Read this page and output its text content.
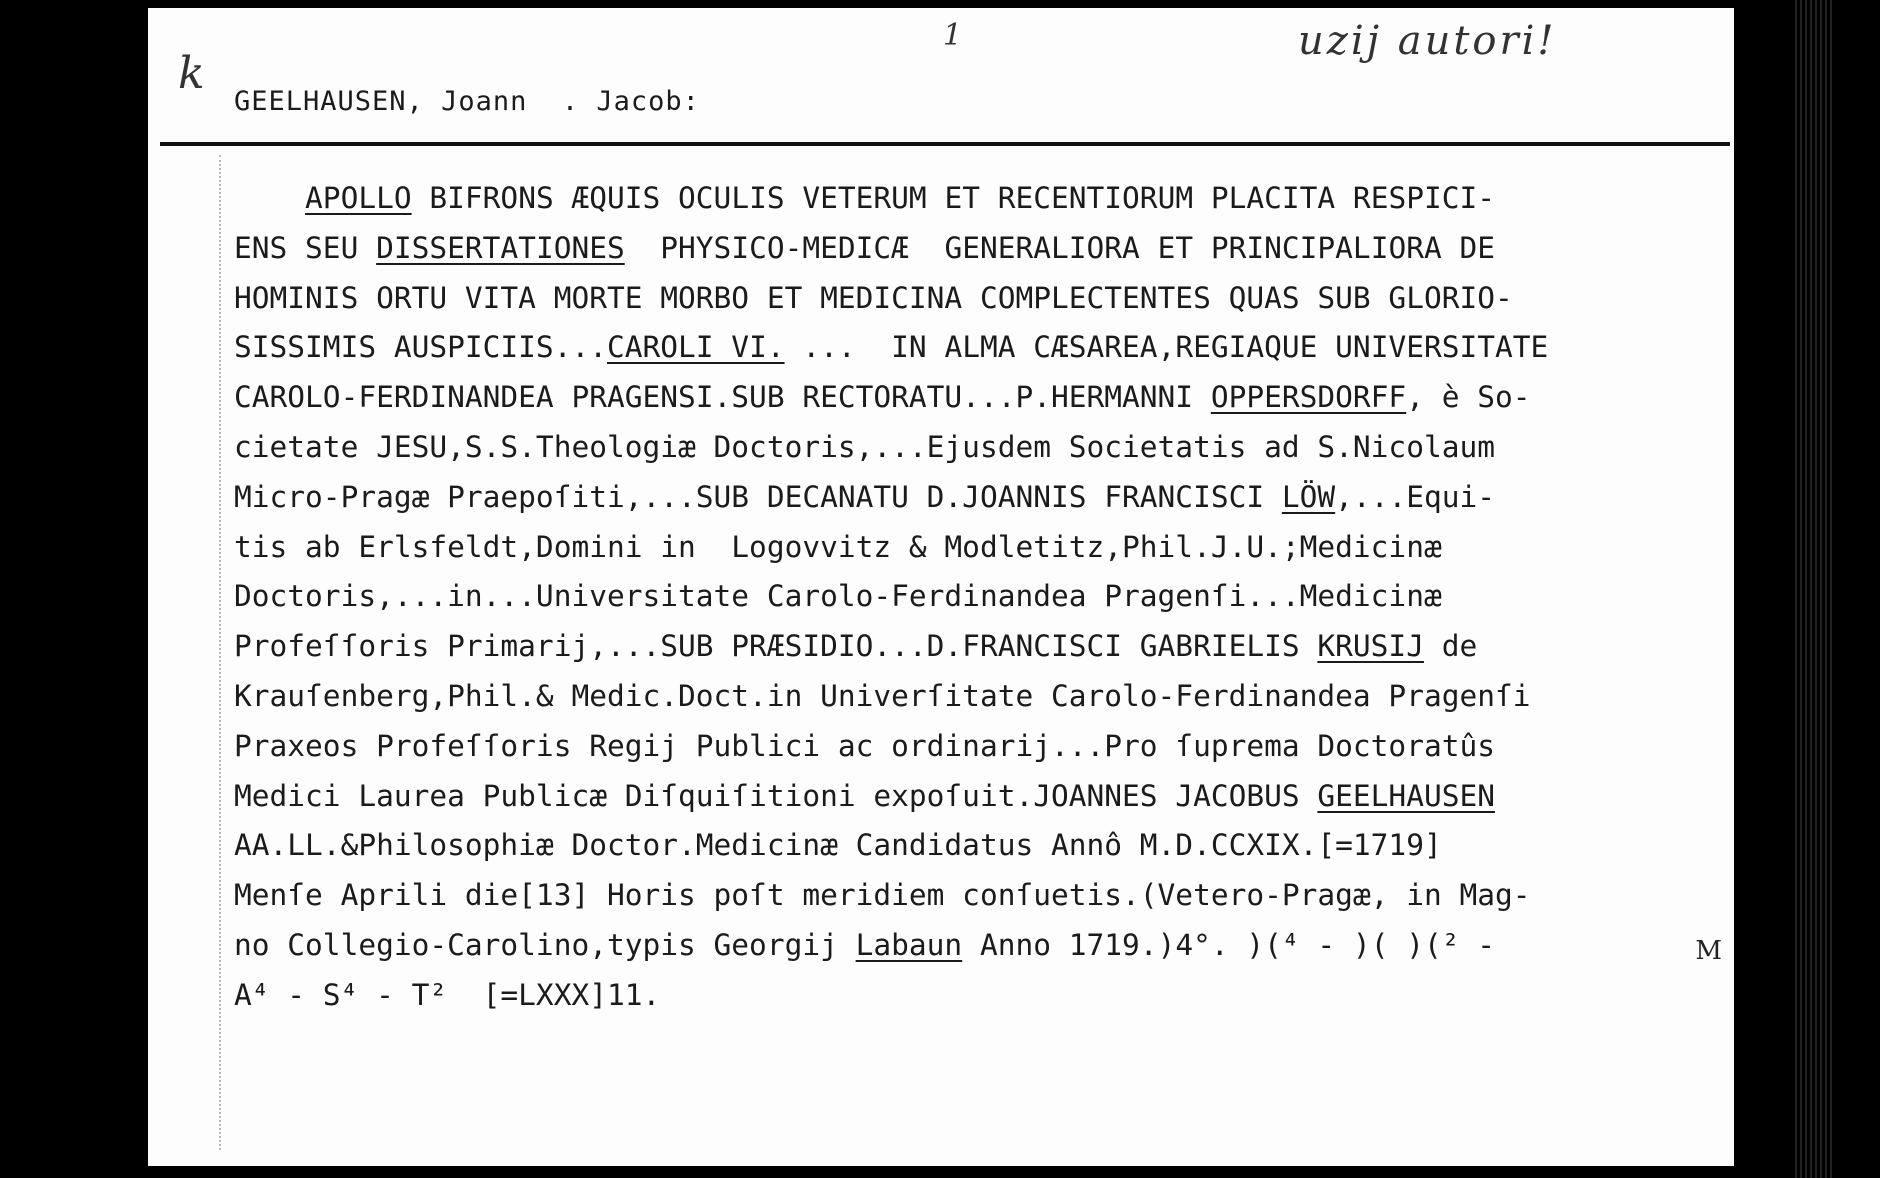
k
1	uzij autori!
GEELHAUSEN, Joann  . Jacob:
APOLLO BIFRONS ÆQUIS OCULIS VETERUM ET RECENTIORUM PLACITA RESPICI-
ENS SEU DISSERTATIONES  PHYSICO-MEDICÆ  GENERALIORA ET PRINCIPALIORA DE
HOMINIS ORTU VITA MORTE MORBO ET MEDICINA COMPLECTENTES QUAS SUB GLORIO-
SISSIMIS AUSPICIIS...CAROLI VI. ...  IN ALMA CÆSAREA,REGIAQUE UNIVERSITATE
CAROLO-FERDINANDEA PRAGENSI.SUB RECTORATU...P.HERMANNI OPPERSDORFF, è So-
cietate JESU,S.S.Theologiæ Doctoris,...Ejusdem Societatis ad S.Nicolaum
Micro-Pragæ Praepoſiti,...SUB DECANATU D.JOANNIS FRANCISCI LÖW,...Equi-
tis ab Erlsfeldt,Domini in  Logovvitz & Modletitz,Phil.J.U.;Medicinæ
Doctoris,...in...Universitate Carolo-Ferdinandea Pragenſi...Medicinæ
Profeſſoris Primarij,...SUB PRÆSIDIO...D.FRANCISCI GABRIELIS KRUSIJ de
Krauſenberg,Phil.& Medic.Doct.in Univerſitate Carolo-Ferdinandea Pragenſi
Praxeos Profeſſoris Regij Publici ac ordinarij...Pro ſuprema Doctoratûs
Medici Laurea Publicæ Diſquiſitioni expoſuit.JOANNES JACOBUS GEELHAUSEN
AA.LL.&Philosophiæ Doctor.Medicinæ Candidatus Annô M.D.CCXIX.[=1719]
Menſe Aprili die[13] Horis poſt meridiem conſuetis.(Vetero-Pragæ, in Mag-
no Collegio-Carolino,typis Georgij Labaun Anno 1719.)4°. )(⁴ - )( )(² -
A⁴ - S⁴ - T²  [=LXXX]11.
M
